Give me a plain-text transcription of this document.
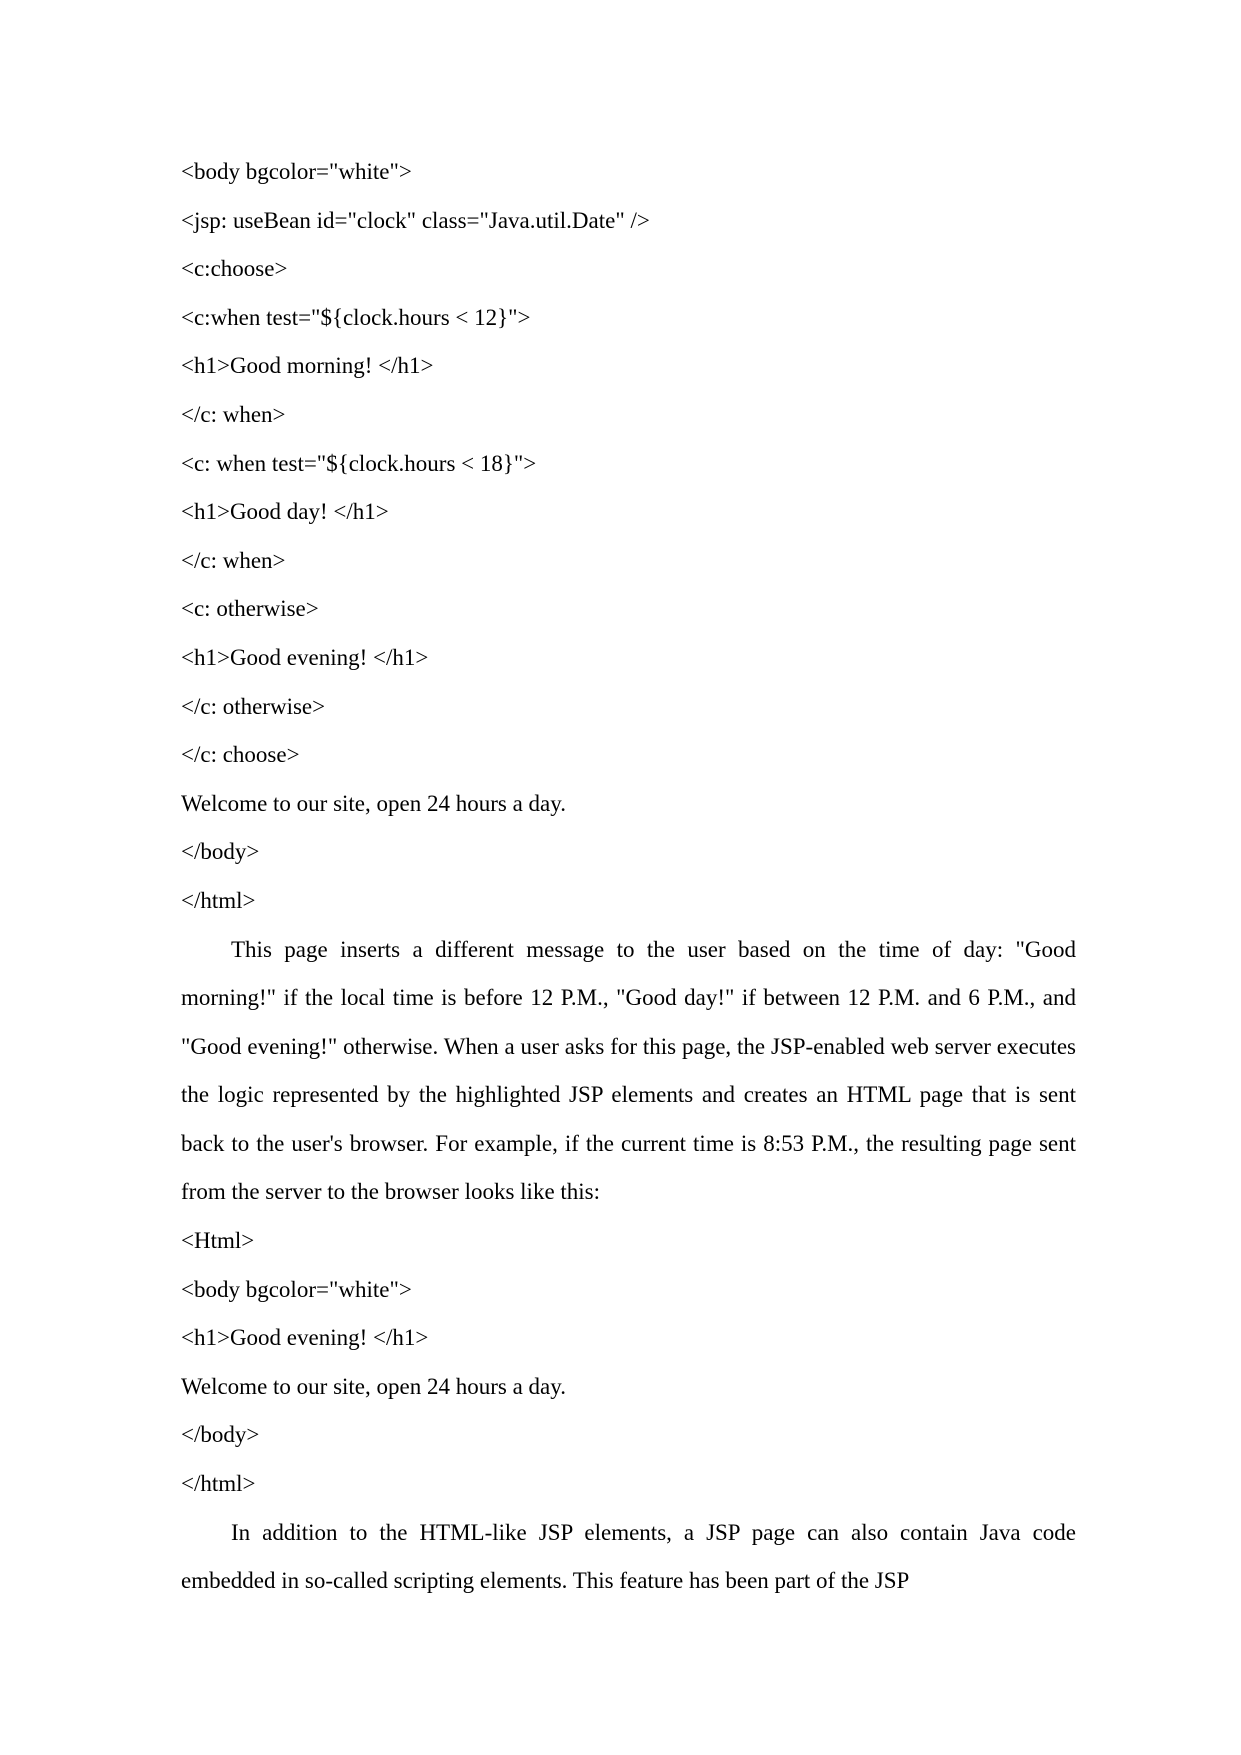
<body bgcolor="white">
<jsp: useBean id="clock" class="Java.util.Date" />
<c:choose>
<c:when test="${clock.hours < 12}">
<h1>Good morning! </h1>
</c: when>
<c: when test="${clock.hours < 18}">
<h1>Good day! </h1>
</c: when>
<c: otherwise>
<h1>Good evening! </h1>
</c: otherwise>
</c: choose>
Welcome to our site, open 24 hours a day.
</body>
</html>

This page inserts a different message to the user based on the time of day: "Good morning!" if the local time is before 12 P.M., "Good day!" if between 12 P.M. and 6 P.M., and "Good evening!" otherwise. When a user asks for this page, the JSP-enabled web server executes the logic represented by the highlighted JSP elements and creates an HTML page that is sent back to the user's browser. For example, if the current time is 8:53 P.M., the resulting page sent from the server to the browser looks like this:

<Html>
<body bgcolor="white">
<h1>Good evening! </h1>
Welcome to our site, open 24 hours a day.
</body>
</html>

In addition to the HTML-like JSP elements, a JSP page can also contain Java code embedded in so-called scripting elements. This feature has been part of the JSP
